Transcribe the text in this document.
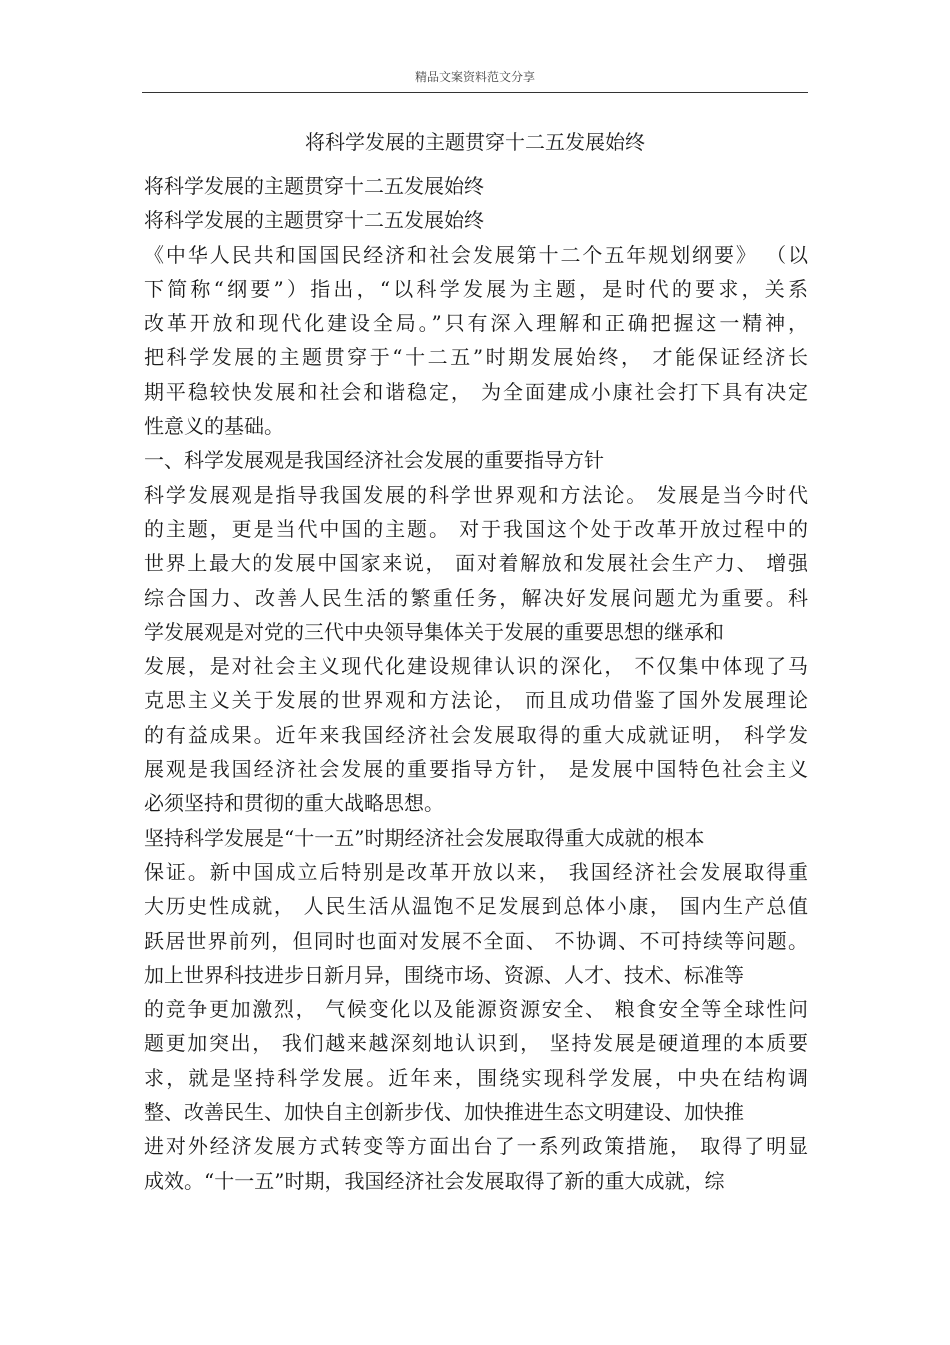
精品文案资料范文分享
将科学发展的主题贯穿十二五发展始终
将科学发展的主题贯穿十二五发展始终
将科学发展的主题贯穿十二五发展始终
《中华人民共和国国民经济和社会发展第十二个五年规划纲要》 （以
下简称“纲要”）指出，“以科学发展为主题，是时代的要求，关系
改革开放和现代化建设全局。”只有深入理解和正确把握这一精神，
把科学发展的主题贯穿于“十二五”时期发展始终， 才能保证经济长
期平稳较快发展和社会和谐稳定， 为全面建成小康社会打下具有决定
性意义的基础。
一、科学发展观是我国经济社会发展的重要指导方针
科学发展观是指导我国发展的科学世界观和方法论。 发展是当今时代
的主题，更是当代中国的主题。 对于我国这个处于改革开放过程中的
世界上最大的发展中国家来说， 面对着解放和发展社会生产力、 增强
综合国力、改善人民生活的繁重任务，解决好发展问题尤为重要。科
学发展观是对党的三代中央领导集体关于发展的重要思想的继承和
发展，是对社会主义现代化建设规律认识的深化， 不仅集中体现了马
克思主义关于发展的世界观和方法论， 而且成功借鉴了国外发展理论
的有益成果。近年来我国经济社会发展取得的重大成就证明， 科学发
展观是我国经济社会发展的重要指导方针， 是发展中国特色社会主义
必须坚持和贯彻的重大战略思想。
坚持科学发展是“十一五”时期经济社会发展取得重大成就的根本
保证。新中国成立后特别是改革开放以来， 我国经济社会发展取得重
大历史性成就， 人民生活从温饱不足发展到总体小康， 国内生产总值
跃居世界前列，但同时也面对发展不全面、 不协调、不可持续等问题。
加上世界科技进步日新月异，围绕市场、资源、人才、技术、标准等
的竞争更加激烈， 气候变化以及能源资源安全、 粮食安全等全球性问
题更加突出， 我们越来越深刻地认识到， 坚持发展是硬道理的本质要
求，就是坚持科学发展。近年来，围绕实现科学发展，中央在结构调
整、改善民生、加快自主创新步伐、加快推进生态文明建设、加快推
进对外经济发展方式转变等方面出台了一系列政策措施， 取得了明显
成效。“十一五”时期，我国经济社会发展取得了新的重大成就，综
